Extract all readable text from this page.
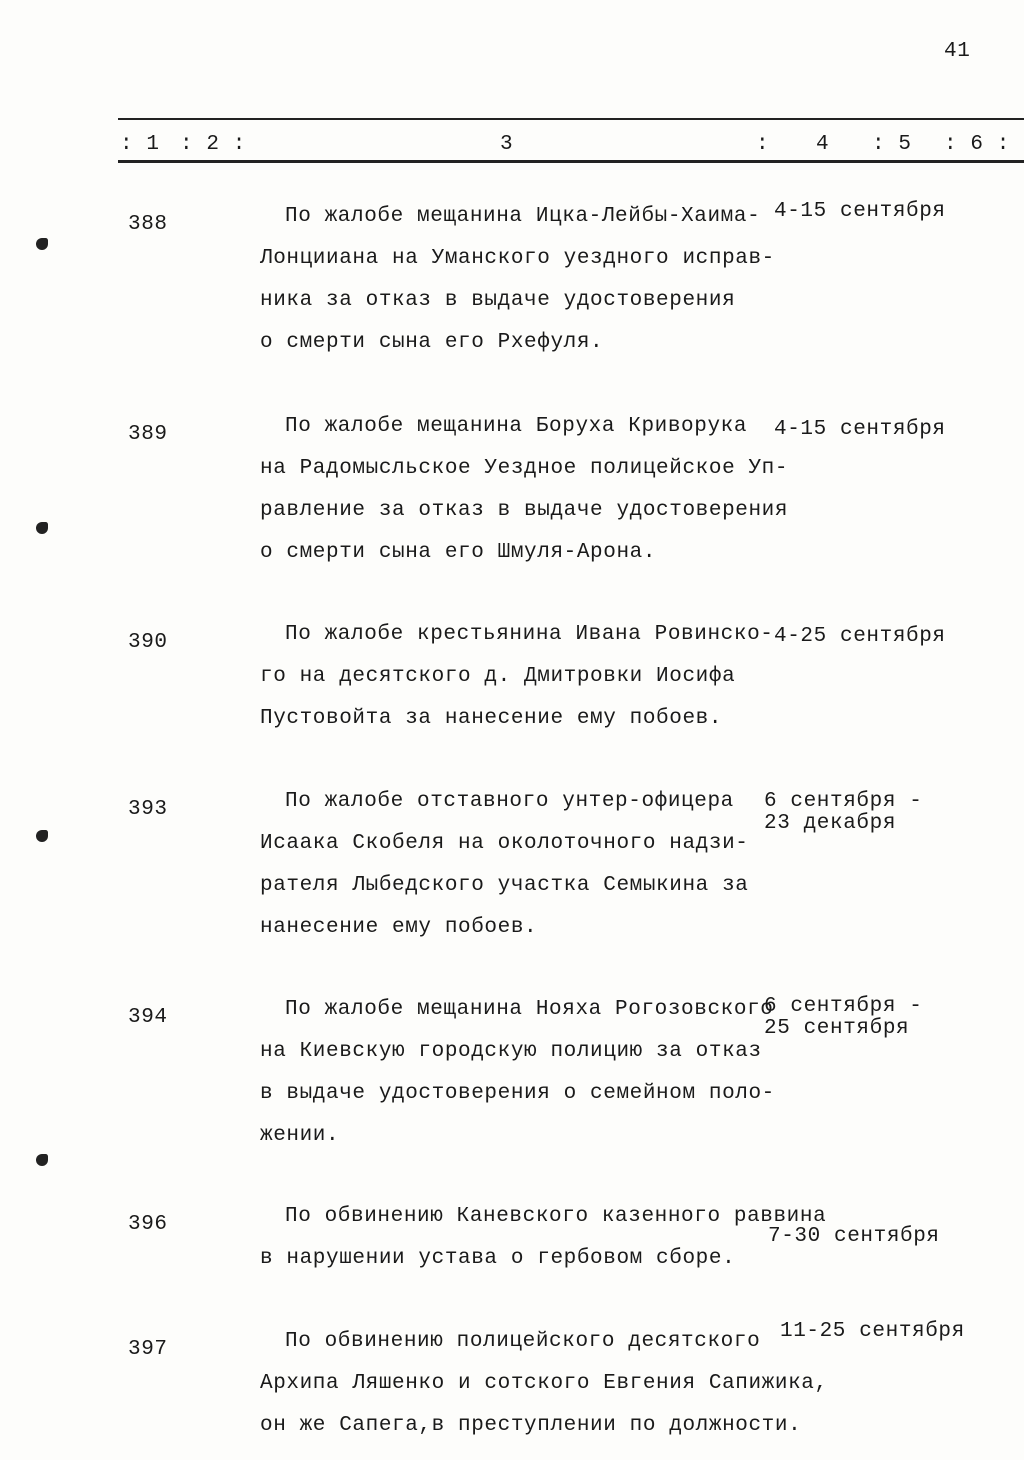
41
: 1 : 2 :	3	: 4 : 5 : 6 :
388	По жалобе мещанина Ицка-Лейбы-Хаима-
Лонцииана на Уманского уездного исправ-
ника за отказ в выдаче удостоверения
о смерти сына его Рхефуля.
4-15 сентября
389	По жалобе мещанина Боруха Криворука
на Радомысльское Уездное полицейское Уп-
равление за отказ в выдаче удостоверения
о смерти сына его Шмуля-Арона.
4-15 сентября
390	По жалобе крестьянина Ивана Ровинско-
го на десятского д. Дмитровки Иосифа
Пустовойта за нанесение ему побоев.
4-25 сентября
393	По жалобе отставного унтер-офицера
Исаака Скобеля на околоточного надзи-
рателя Лыбедского участка Семыкина за
нанесение ему побоев.
6 сентября -
23 декабря
394	По жалобе мещанина Нояха Рогозовского
на Киевскую городскую полицию за отказ
в выдаче удостоверения о семейном поло-
жении.
6 сентября -
25 сентября
396	По обвинению Каневского казенного раввина
в нарушении устава о гербовом сборе.
7-30 сентября
397	По обвинению полицейского десятского
Архипа Ляшенко и сотского Евгения Сапижика,
он же Сапега,в преступлении по должности.
11-25 сентября
